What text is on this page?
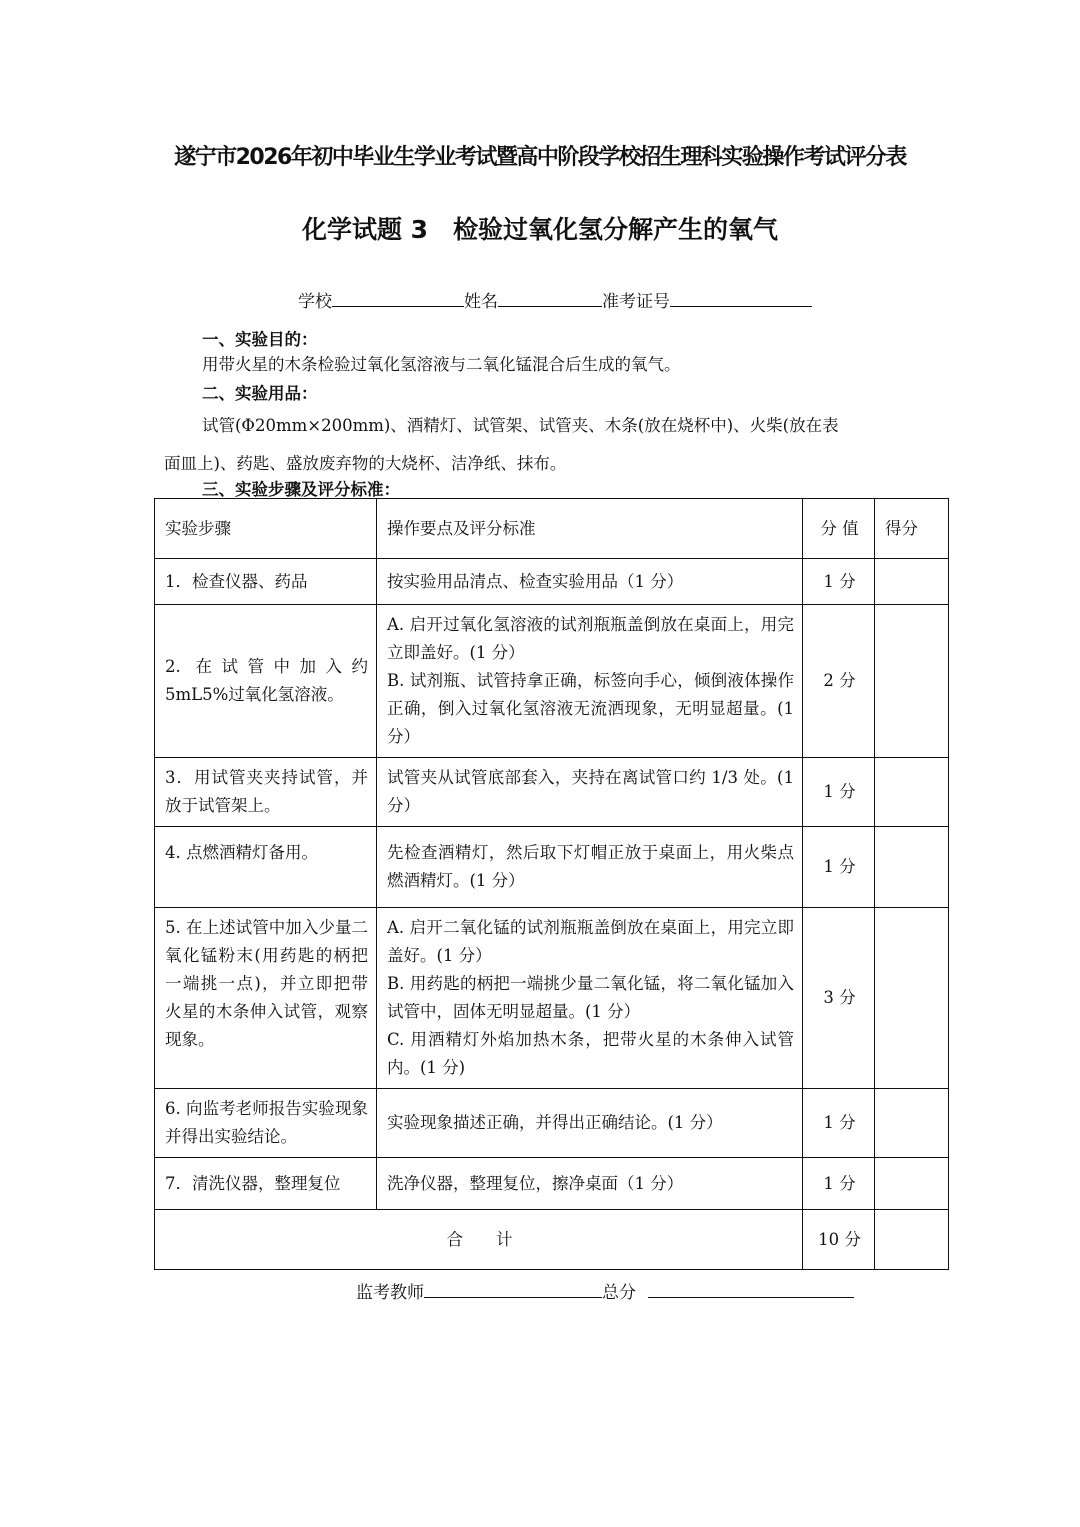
遂宁市2026年初中毕业生学业考试暨高中阶段学校招生理科实验操作考试评分表
化学试题 3　检验过氧化氢分解产生的氧气
学校	姓名	准考证号
一、实验目的：
用带火星的木条检验过氧化氢溶液与二氧化锰混合后生成的氧气。
二、实验用品：
试管(Φ20mm×200mm)、酒精灯、试管架、试管夹、木条(放在烧杯中)、火柴(放在表
面皿上)、药匙、盛放废弃物的大烧杯、洁净纸、抹布。
三、实验步骤及评分标准：
实验步骤	操作要点及评分标准	分 值	得分
1．检查仪器、药品	按实验用品清点、检查实验用品（1 分）	1 分	
2. 在试管中加入约 5mL5%过氧化氢溶液。	A. 启开过氧化氢溶液的试剂瓶瓶盖倒放在桌面上，用完立即盖好。(1 分）
B. 试剂瓶、试管持拿正确，标签向手心，倾倒液体操作正确，倒入过氧化氢溶液无流洒现象，无明显超量。(1 分）	2 分	
3．用试管夹夹持试管，并放于试管架上。	试管夹从试管底部套入，夹持在离试管口约 1/3 处。(1 分）	1 分	
4. 点燃酒精灯备用。	先检查酒精灯，然后取下灯帽正放于桌面上，用火柴点燃酒精灯。(1 分）	1 分	
5. 在上述试管中加入少量二氧化锰粉末(用药匙的柄把一端挑一点)，并立即把带火星的木条伸入试管，观察现象。	A. 启开二氧化锰的试剂瓶瓶盖倒放在桌面上，用完立即盖好。(1 分）
B. 用药匙的柄把一端挑少量二氧化锰，将二氧化锰加入试管中，固体无明显超量。(1 分）
C. 用酒精灯外焰加热木条，把带火星的木条伸入试管内。(1 分)	3 分	
6. 向监考老师报告实验现象并得出实验结论。	实验现象描述正确，并得出正确结论。(1 分）	1 分	
7．清洗仪器，整理复位	洗净仪器，整理复位，擦净桌面（1 分）	1 分	
合　　计		10 分	
监考教师	总分
